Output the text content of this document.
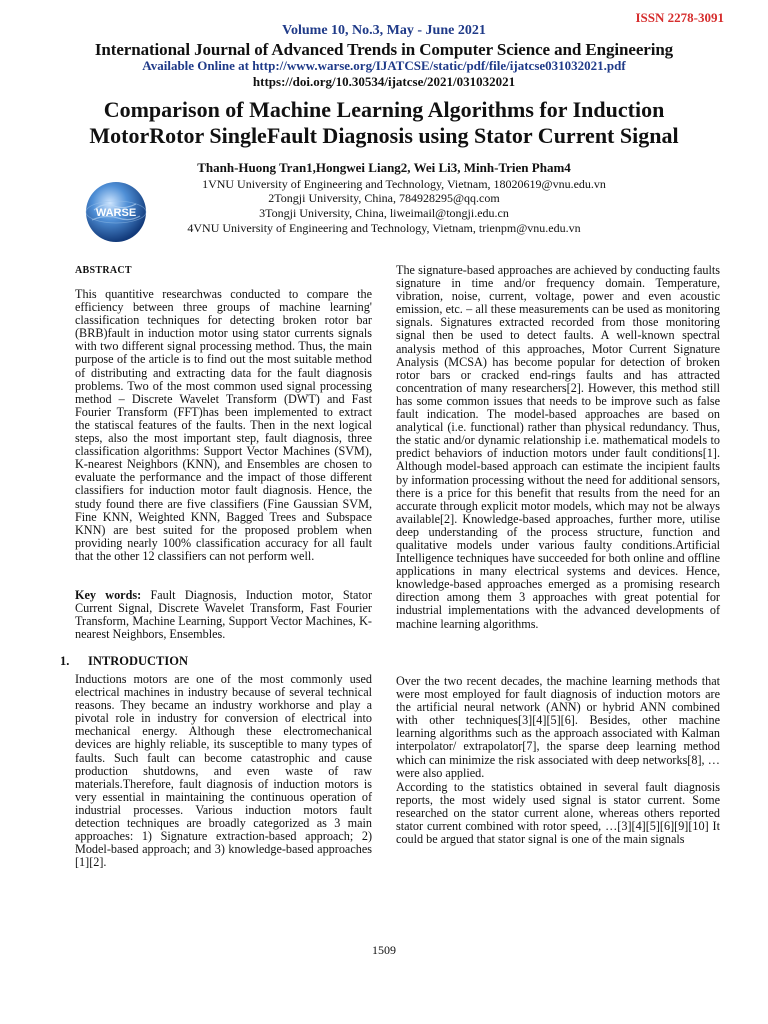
ISSN 2278-3091
Volume 10, No.3, May - June 2021
International Journal of Advanced Trends in Computer Science and Engineering
Available Online at http://www.warse.org/IJATCSE/static/pdf/file/ijatcse031032021.pdf
https://doi.org/10.30534/ijatcse/2021/031032021
Comparison of Machine Learning Algorithms for Induction
MotorRotor SingleFault Diagnosis using Stator Current Signal
Thanh-Huong Tran1,Hongwei Liang2, Wei Li3, Minh-Trien Pham4
1VNU University of Engineering and Technology, Vietnam, 18020619@vnu.edu.vn
2Tongji University, China, 784928295@qq.com
3Tongji University, China, liweimail@tongji.edu.cn
4VNU University of Engineering and Technology, Vietnam, trienpm@vnu.edu.vn
WARSE
ABSTRACT
This quantitive researchwas conducted to compare the efficiency between three groups of machine learning' classification techniques for detecting broken rotor bar (BRB)fault in induction motor using stator currents signals with two different signal processing method. Thus, the main purpose of the article is to find out the most suitable method of distributing and extracting data for the fault diagnosis problems. Two of the most common used signal processing method – Discrete Wavelet Transform (DWT) and Fast Fourier Transform (FFT)has been implemented to extract the statiscal features of the faults. Then in the next logical steps, also the most important step, fault diagnosis, three classification algorithms: Support Vector Machines (SVM), K-nearest Neighbors (KNN), and Ensembles are chosen to evaluate the performance and the impact of those different classifiers for induction motor fault diagnosis. Hence, the study found there are five classifiers (Fine Gaussian SVM, Fine KNN, Weighted KNN, Bagged Trees and Subspace KNN) are best suited for the proposed problem when providing nearly 100% classification accuracy for all fault that the other 12 classifiers can not perform well.
Key words: Fault Diagnosis, Induction motor, Stator Current Signal, Discrete Wavelet Transform, Fast Fourier Transform, Machine Learning, Support Vector Machines, K-nearest Neighbors, Ensembles.
1. INTRODUCTION
Inductions motors are one of the most commonly used electrical machines in industry because of several technical reasons. They became an industry workhorse and play a pivotal role in industry for conversion of electrical into mechanical energy. Although these electromechanical devices are highly reliable, its susceptible to many types of faults. Such fault can become catastrophic and cause production shutdowns, and even waste of raw materials.Therefore, fault diagnosis of induction motors is very essential in maintaining the continuous operation of industrial processes. Various induction motors fault detection techniques are broadly categorized as 3 main approaches: 1) Signature extraction-based approach; 2) Model-based approach; and 3) knowledge-based approaches [1][2].
The signature-based approaches are achieved by conducting faults signature in time and/or frequency domain. Temperature, vibration, noise, current, voltage, power and even acoustic emission, etc. – all these measurements can be used as monitoring signals. Signatures extracted recorded from those monitoring signal then be used to detect faults. A well-known spectral analysis method of this approaches, Motor Current Signature Analysis (MCSA) has become popular for detection of broken rotor bars or cracked end-rings faults and has attracted concentration of many researchers[2]. However, this method still has some common issues that needs to be improve such as false fault indication. The model-based approaches are based on analytical (i.e. functional) rather than physical redundancy. Thus, the static and/or dynamic relationship i.e. mathematical models to predict behaviors of induction motors under fault conditions[1]. Although model-based approach can estimate the incipient faults by information processing without the need for additional sensors, there is a price for this benefit that results from the need for an accurate through explicit motor models, which may not be always available[2]. Knowledge-based approaches, further more, utilise deep understanding of the process structure, function and qualitative models under various faulty conditions.Artificial Intelligence techniques have succeeded for both online and offline applications in many electrical systems and devices. Hence, knowledge-based approaches emerged as a promising research direction among them 3 approaches with great potential for industrial implementations with the advanced developments of machine learning algorithms.
Over the two recent decades, the machine learning methods that were most employed for fault diagnosis of induction motors are the artificial neural network (ANN) or hybrid ANN combined with other techniques[3][4][5][6]. Besides, other machine learning algorithms such as the approach associated with Kalman interpolator/ extrapolator[7], the sparse deep learning method which can minimize the risk associated with deep networks[8], … were also applied.
According to the statistics obtained in several fault diagnosis reports, the most widely used signal is stator current. Some researched on the stator current alone, whereas others reported stator current combined with rotor speed, …[3][4][5][6][9][10] It could be argued that stator signal is one of the main signals
1509
